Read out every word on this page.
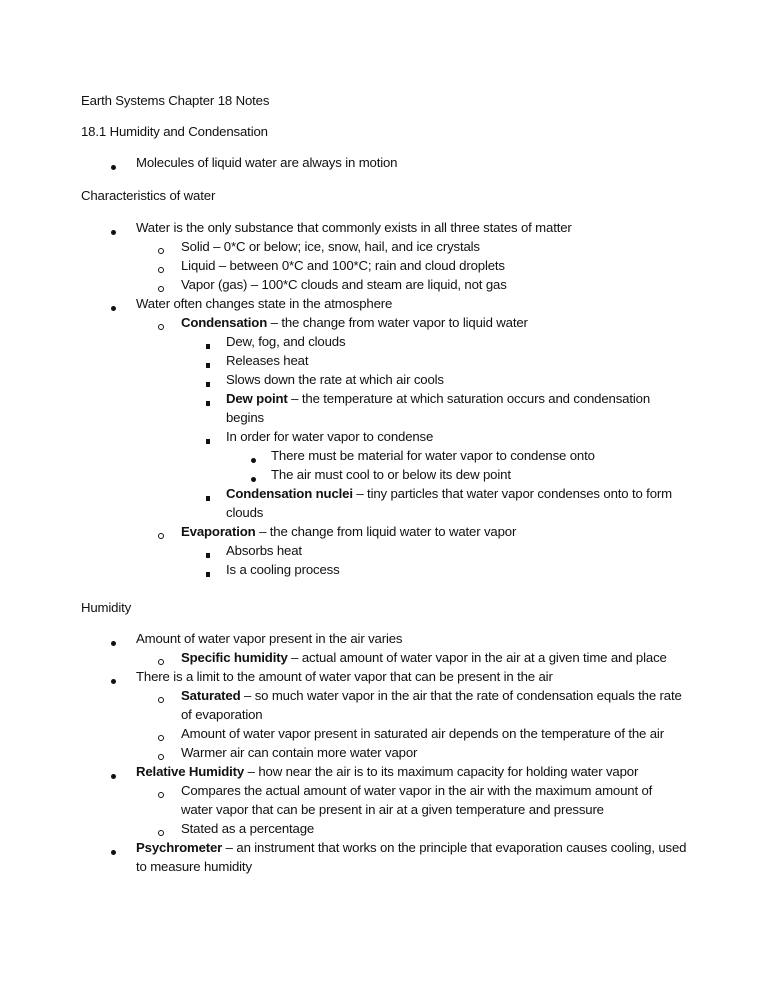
Earth Systems Chapter 18 Notes
18.1 Humidity and Condensation
Molecules of liquid water are always in motion
Characteristics of water
Water is the only substance that commonly exists in all three states of matter
Solid – 0*C or below; ice, snow, hail, and ice crystals
Liquid – between 0*C and 100*C; rain and cloud droplets
Vapor (gas) – 100*C clouds and steam are liquid, not gas
Water often changes state in the atmosphere
Condensation – the change from water vapor to liquid water
Dew, fog, and clouds
Releases heat
Slows down the rate at which air cools
Dew point – the temperature at which saturation occurs and condensation
begins
In order for water vapor to condense
There must be material for water vapor to condense onto
The air must cool to or below its dew point
Condensation nuclei – tiny particles that water vapor condenses onto to form
clouds
Evaporation – the change from liquid water to water vapor
Absorbs heat
Is a cooling process
Humidity
Amount of water vapor present in the air varies
Specific humidity – actual amount of water vapor in the air at a given time and place
There is a limit to the amount of water vapor that can be present in the air
Saturated – so much water vapor in the air that the rate of condensation equals the rate
of evaporation
Amount of water vapor present in saturated air depends on the temperature of the air
Warmer air can contain more water vapor
Relative Humidity – how near the air is to its maximum capacity for holding water vapor
Compares the actual amount of water vapor in the air with the maximum amount of
water vapor that can be present in air at a given temperature and pressure
Stated as a percentage
Psychrometer – an instrument that works on the principle that evaporation causes cooling, used
to measure humidity
